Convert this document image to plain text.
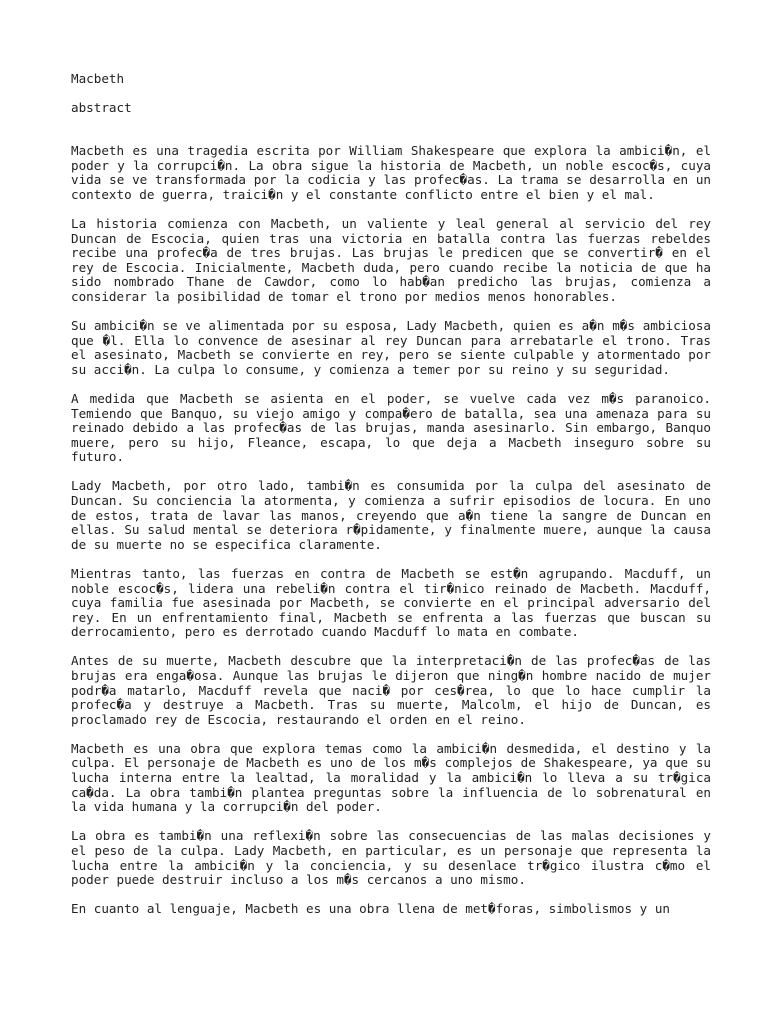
Macbeth
abstract

Macbeth es una tragedia escrita por William Shakespeare que explora la ambici�n, el poder y la corrupci�n. La obra sigue la historia de Macbeth, un noble escoc�s, cuya vida se ve transformada por la codicia y las profec�as. La trama se desarrolla en un contexto de guerra, traici�n y el constante conflicto entre el bien y el mal.

La historia comienza con Macbeth, un valiente y leal general al servicio del rey Duncan de Escocia, quien tras una victoria en batalla contra las fuerzas rebeldes recibe una profec�a de tres brujas. Las brujas le predicen que se convertir� en el rey de Escocia. Inicialmente, Macbeth duda, pero cuando recibe la noticia de que ha sido nombrado Thane de Cawdor, como lo hab�an predicho las brujas, comienza a considerar la posibilidad de tomar el trono por medios menos honorables.

Su ambici�n se ve alimentada por su esposa, Lady Macbeth, quien es a�n m�s ambiciosa que �l. Ella lo convence de asesinar al rey Duncan para arrebatarle el trono. Tras el asesinato, Macbeth se convierte en rey, pero se siente culpable y atormentado por su acci�n. La culpa lo consume, y comienza a temer por su reino y su seguridad.

A medida que Macbeth se asienta en el poder, se vuelve cada vez m�s paranoico. Temiendo que Banquo, su viejo amigo y compa�ero de batalla, sea una amenaza para su reinado debido a las profec�as de las brujas, manda asesinarlo. Sin embargo, Banquo muere, pero su hijo, Fleance, escapa, lo que deja a Macbeth inseguro sobre su futuro.

Lady Macbeth, por otro lado, tambi�n es consumida por la culpa del asesinato de Duncan. Su conciencia la atormenta, y comienza a sufrir episodios de locura. En uno de estos, trata de lavar las manos, creyendo que a�n tiene la sangre de Duncan en ellas. Su salud mental se deteriora r�pidamente, y finalmente muere, aunque la causa de su muerte no se especifica claramente.

Mientras tanto, las fuerzas en contra de Macbeth se est�n agrupando. Macduff, un noble escoc�s, lidera una rebeli�n contra el tir�nico reinado de Macbeth. Macduff, cuya familia fue asesinada por Macbeth, se convierte en el principal adversario del rey. En un enfrentamiento final, Macbeth se enfrenta a las fuerzas que buscan su derrocamiento, pero es derrotado cuando Macduff lo mata en combate.

Antes de su muerte, Macbeth descubre que la interpretaci�n de las profec�as de las brujas era enga�osa. Aunque las brujas le dijeron que ning�n hombre nacido de mujer podr�a matarlo, Macduff revela que naci� por ces�rea, lo que lo hace cumplir la profec�a y destruye a Macbeth. Tras su muerte, Malcolm, el hijo de Duncan, es proclamado rey de Escocia, restaurando el orden en el reino.

Macbeth es una obra que explora temas como la ambici�n desmedida, el destino y la culpa. El personaje de Macbeth es uno de los m�s complejos de Shakespeare, ya que su lucha interna entre la lealtad, la moralidad y la ambici�n lo lleva a su tr�gica ca�da. La obra tambi�n plantea preguntas sobre la influencia de lo sobrenatural en la vida humana y la corrupci�n del poder.

La obra es tambi�n una reflexi�n sobre las consecuencias de las malas decisiones y el peso de la culpa. Lady Macbeth, en particular, es un personaje que representa la lucha entre la ambici�n y la conciencia, y su desenlace tr�gico ilustra c�mo el poder puede destruir incluso a los m�s cercanos a uno mismo.

En cuanto al lenguaje, Macbeth es una obra llena de met�foras, simbolismos y un
